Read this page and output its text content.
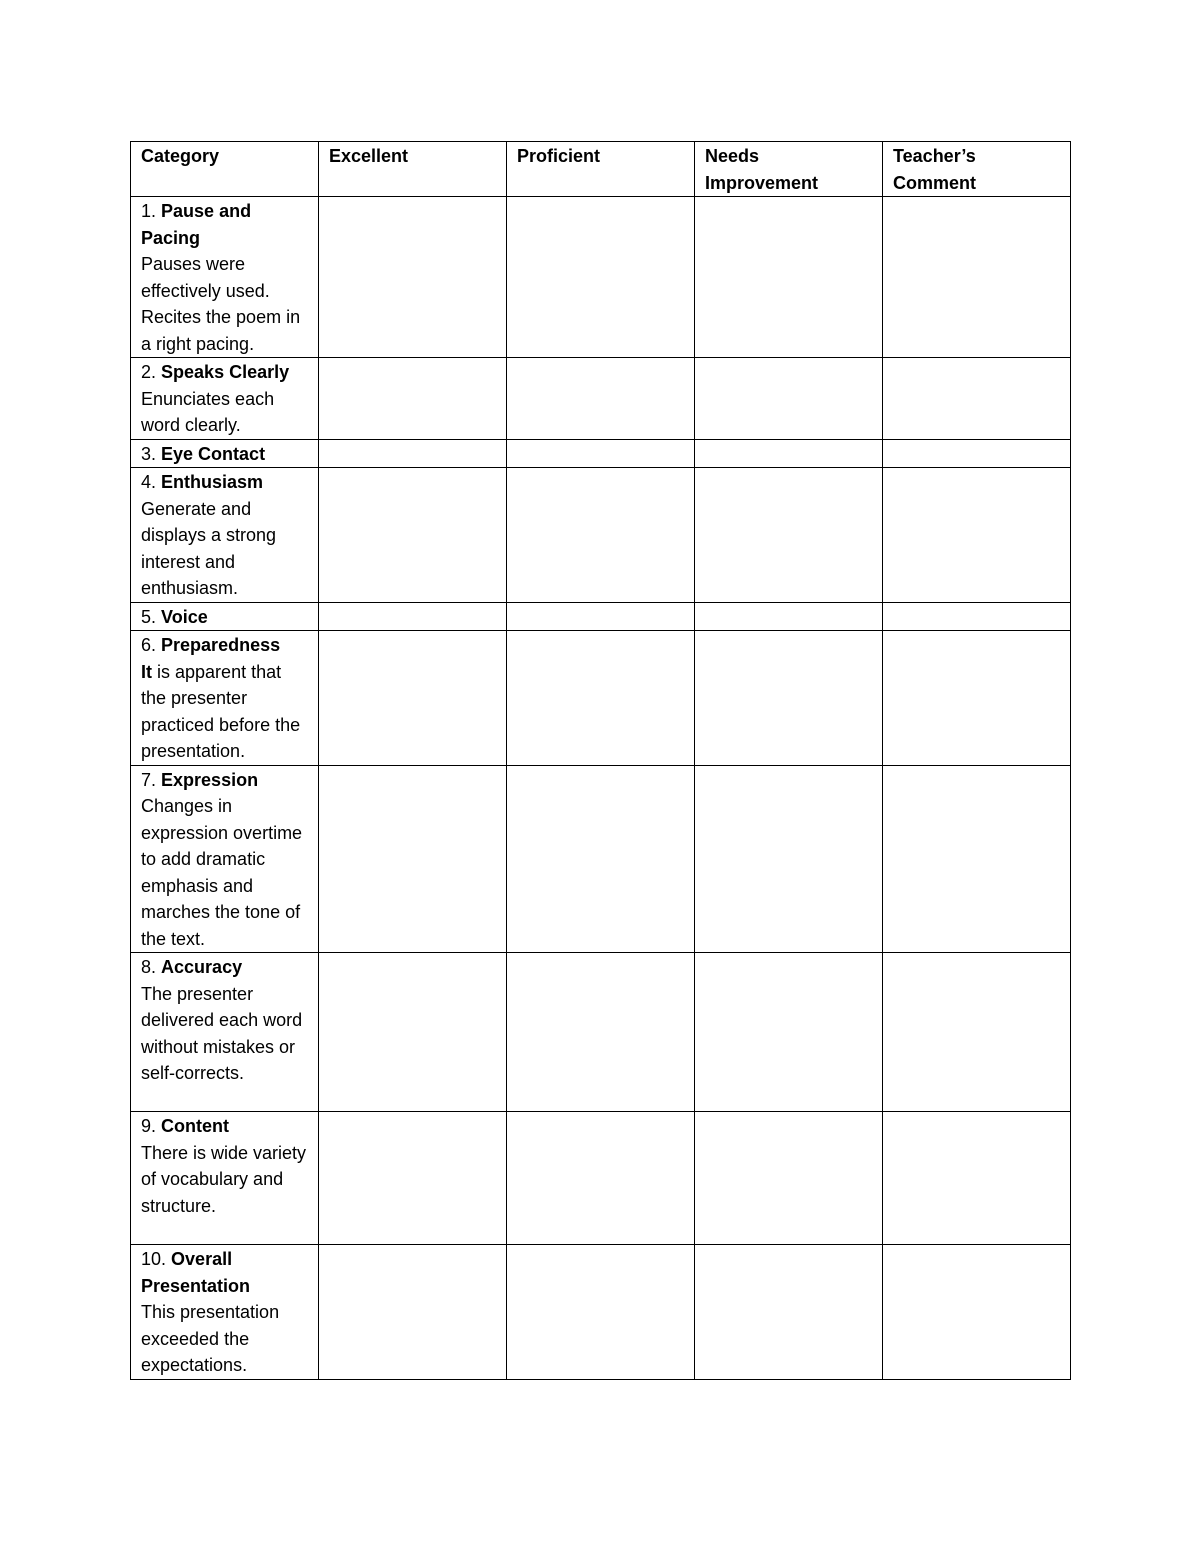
Category	Excellent	Proficient	Needs Improvement	Teacher’s Comment
1. Pause and Pacing
Pauses were effectively used. Recites the poem in a right pacing.				

2. Speaks Clearly
Enunciates each word clearly.				

3. Eye Contact				
4. Enthusiasm
Generate and displays a strong interest and enthusiasm.				

5. Voice				
6. Preparedness
It is apparent that the presenter practiced before the presentation.				

7. Expression
Changes in expression overtime to add dramatic emphasis and marches the tone of the text.				

8. Accuracy
The presenter delivered each word without mistakes or self-corrects.				

9. Content
There is wide variety of vocabulary and structure.				

10. Overall Presentation
This presentation exceeded the expectations.				
